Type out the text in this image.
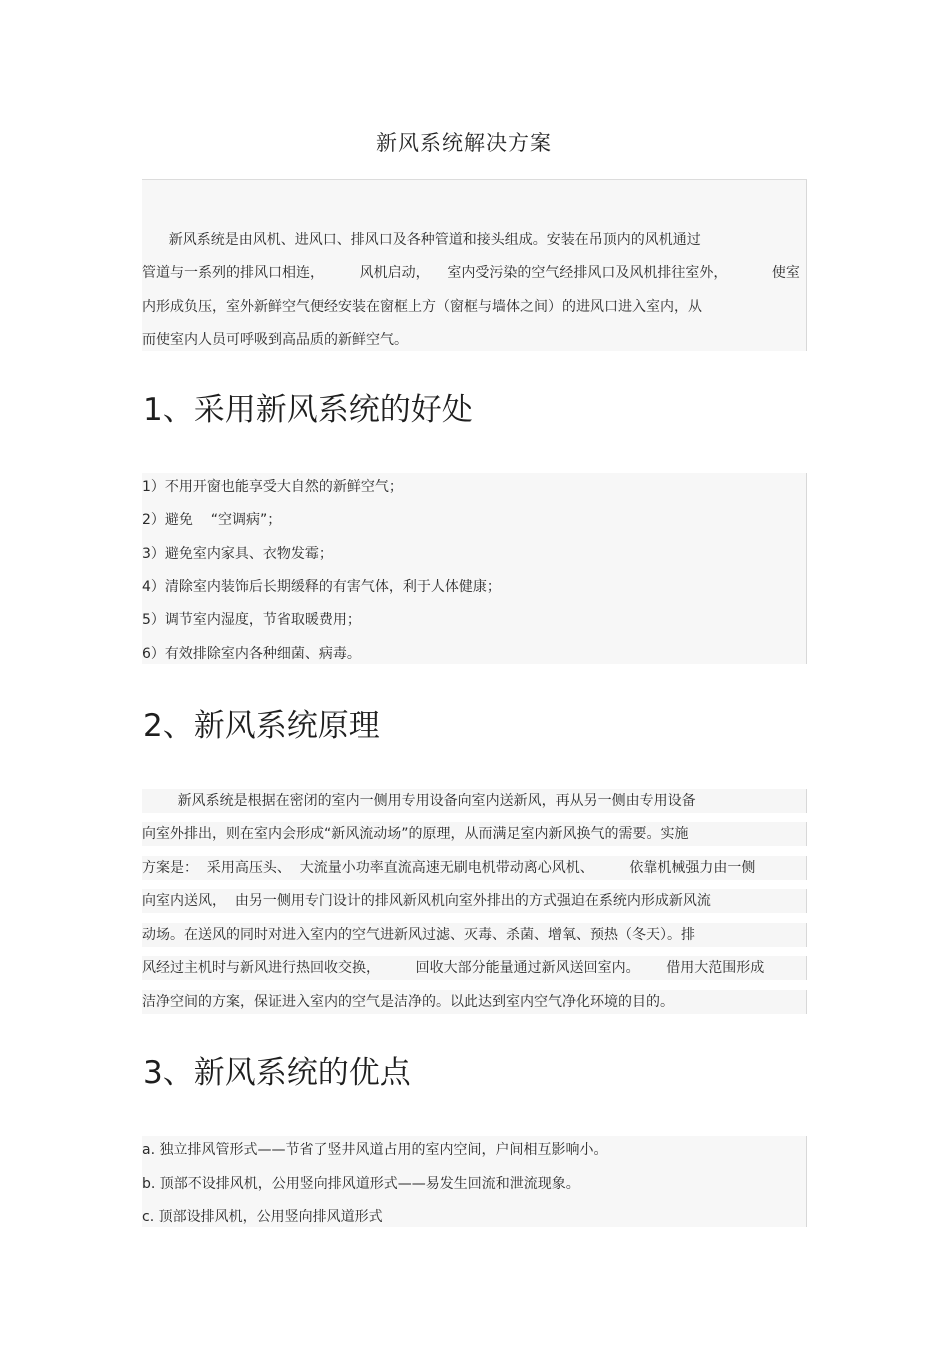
新风系统解决方案
新风系统是由风机、进风口、排风口及各种管道和接头组成。安装在吊顶内的风机通过
管道与一系列的排风口相连，        风机启动，    室内受污染的空气经排风口及风机排往室外，          使室
内形成负压，室外新鲜空气便经安装在窗框上方（窗框与墙体之间）的进风口进入室内，从
而使室内人员可呼吸到高品质的新鲜空气。
1、采用新风系统的好处
1）不用开窗也能享受大自然的新鲜空气；
2）避免    “空调病”；
3）避免室内家具、衣物发霉；
4）清除室内装饰后长期缓释的有害气体，利于人体健康；
5）调节室内湿度，节省取暖费用；
6）有效排除室内各种细菌、病毒。
2、新风系统原理
新风系统是根据在密闭的室内一侧用专用设备向室内送新风，再从另一侧由专用设备
向室外排出，则在室内会形成“新风流动场”的原理，从而满足室内新风换气的需要。实施
方案是：  采用高压头、  大流量小功率直流高速无刷电机带动离心风机、        依靠机械强力由一侧
向室内送风，  由另一侧用专门设计的排风新风机向室外排出的方式强迫在系统内形成新风流
动场。在送风的同时对进入室内的空气进新风过滤、灭毒、杀菌、增氧、预热（冬天）。排
风经过主机时与新风进行热回收交换，        回收大部分能量通过新风送回室内。      借用大范围形成
洁净空间的方案，保证进入室内的空气是洁净的。以此达到室内空气净化环境的目的。
3、新风系统的优点
a. 独立排风管形式——节省了竖井风道占用的室内空间，户间相互影响小。
b. 顶部不设排风机，公用竖向排风道形式——易发生回流和泄流现象。
c. 顶部设排风机，公用竖向排风道形式
